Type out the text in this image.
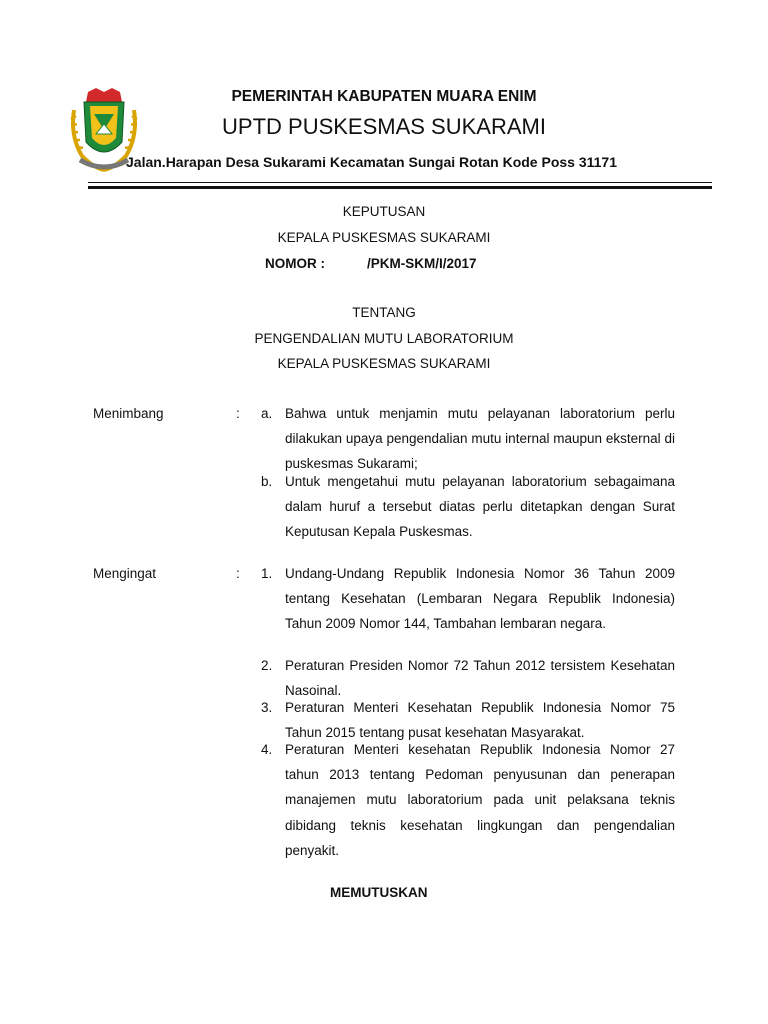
PEMERINTAH KABUPATEN MUARA ENIM
UPTD PUSKESMAS SUKARAMI
Jalan.Harapan Desa Sukarami Kecamatan Sungai Rotan Kode Poss 31171
KEPUTUSAN
KEPALA PUSKESMAS SUKARAMI
NOMOR :	/PKM-SKM/I/2017
TENTANG
PENGENDALIAN MUTU LABORATORIUM
KEPALA PUSKESMAS SUKARAMI
Menimbang	: a. Bahwa untuk menjamin mutu pelayanan laboratorium perlu dilakukan upaya pengendalian mutu internal maupun eksternal di puskesmas Sukarami;
b. Untuk mengetahui mutu pelayanan laboratorium sebagaimana dalam huruf a tersebut diatas perlu ditetapkan dengan Surat Keputusan Kepala Puskesmas.
Mengingat	: 1. Undang-Undang Republik Indonesia Nomor 36 Tahun 2009 tentang Kesehatan (Lembaran Negara Republik Indonesia) Tahun 2009 Nomor 144, Tambahan lembaran negara.
2. Peraturan Presiden Nomor 72 Tahun 2012 tersistem Kesehatan Nasoinal.
3. Peraturan Menteri Kesehatan Republik Indonesia Nomor 75 Tahun 2015 tentang pusat kesehatan Masyarakat.
4. Peraturan Menteri kesehatan Republik Indonesia Nomor 27 tahun 2013 tentang Pedoman penyusunan dan penerapan manajemen mutu laboratorium pada unit pelaksana teknis dibidang teknis kesehatan lingkungan dan pengendalian penyakit.
MEMUTUSKAN
